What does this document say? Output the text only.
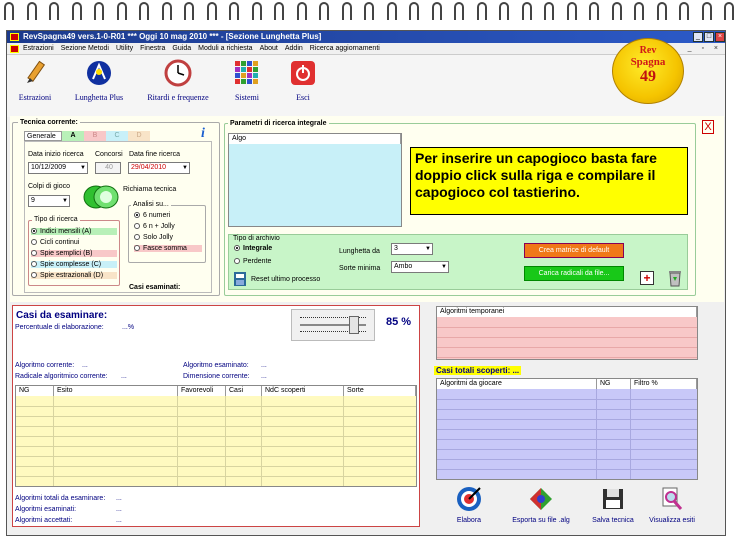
RevSpagna49 vers.1-0-R01 *** Oggi 10 mag 2010 *** - [Sezione Lunghetta Plus]	_ □ ×
Estrazioni Sezione Metodi Utility Finestra Guida Moduli a richiesta About Addin Ricerca aggiornamenti	_ ▫ ×
Estrazioni	Lunghetta Plus	Ritardi e frequenze	Sistemi	Esci
Rev
Spagna
49
Tecnica corrente:
Generale	A	B	C	D	i
Data inizio ricerca
10/12/2009 ▼
Concorsi
40
Data fine ricerca
29/04/2010 ▼
Colpi di gioco
9 ▼
Richiama tecnica
Tipo di ricerca
Indici mensili (A)
Cicli continui
Spie semplici (B)
Spie complesse (C)
Spie estrazionali (D)
Analisi su...
6 numeri
6 n + Jolly
Solo Jolly
Fasce somma
Casi esaminati:
Parametri di ricerca integrale	X
Algo
Per inserire un capogioco basta fare doppio click sulla riga e compilare il capogioco col tastierino.
Tipo di archivio
Integrale
Perdente
Reset ultimo processo
Lunghetta da	3 ▼
Sorte minima	Ambo ▼
Crea matrice di default
Carica radicali da file...	+
Casi da esaminare:
Percentuale di elaborazione:	...%	85 %
Algoritmo corrente: ...
Radicale algoritmico corrente: ...
Algoritmo esaminato: ...
Dimensione corrente: ...
NG	Esito	Favorevoli	Casi	NdC scoperti	Sorte
Algoritmi totali da esaminare: ...
Algoritmi esaminati:	...
Algoritmi accettati:	...
Algoritmi temporanei
Casi totali scoperti: ...
Algoritmi da giocare	NG	Filtro %
Elabora	Esporta su file .alg	Salva tecnica	Visualizza esiti
